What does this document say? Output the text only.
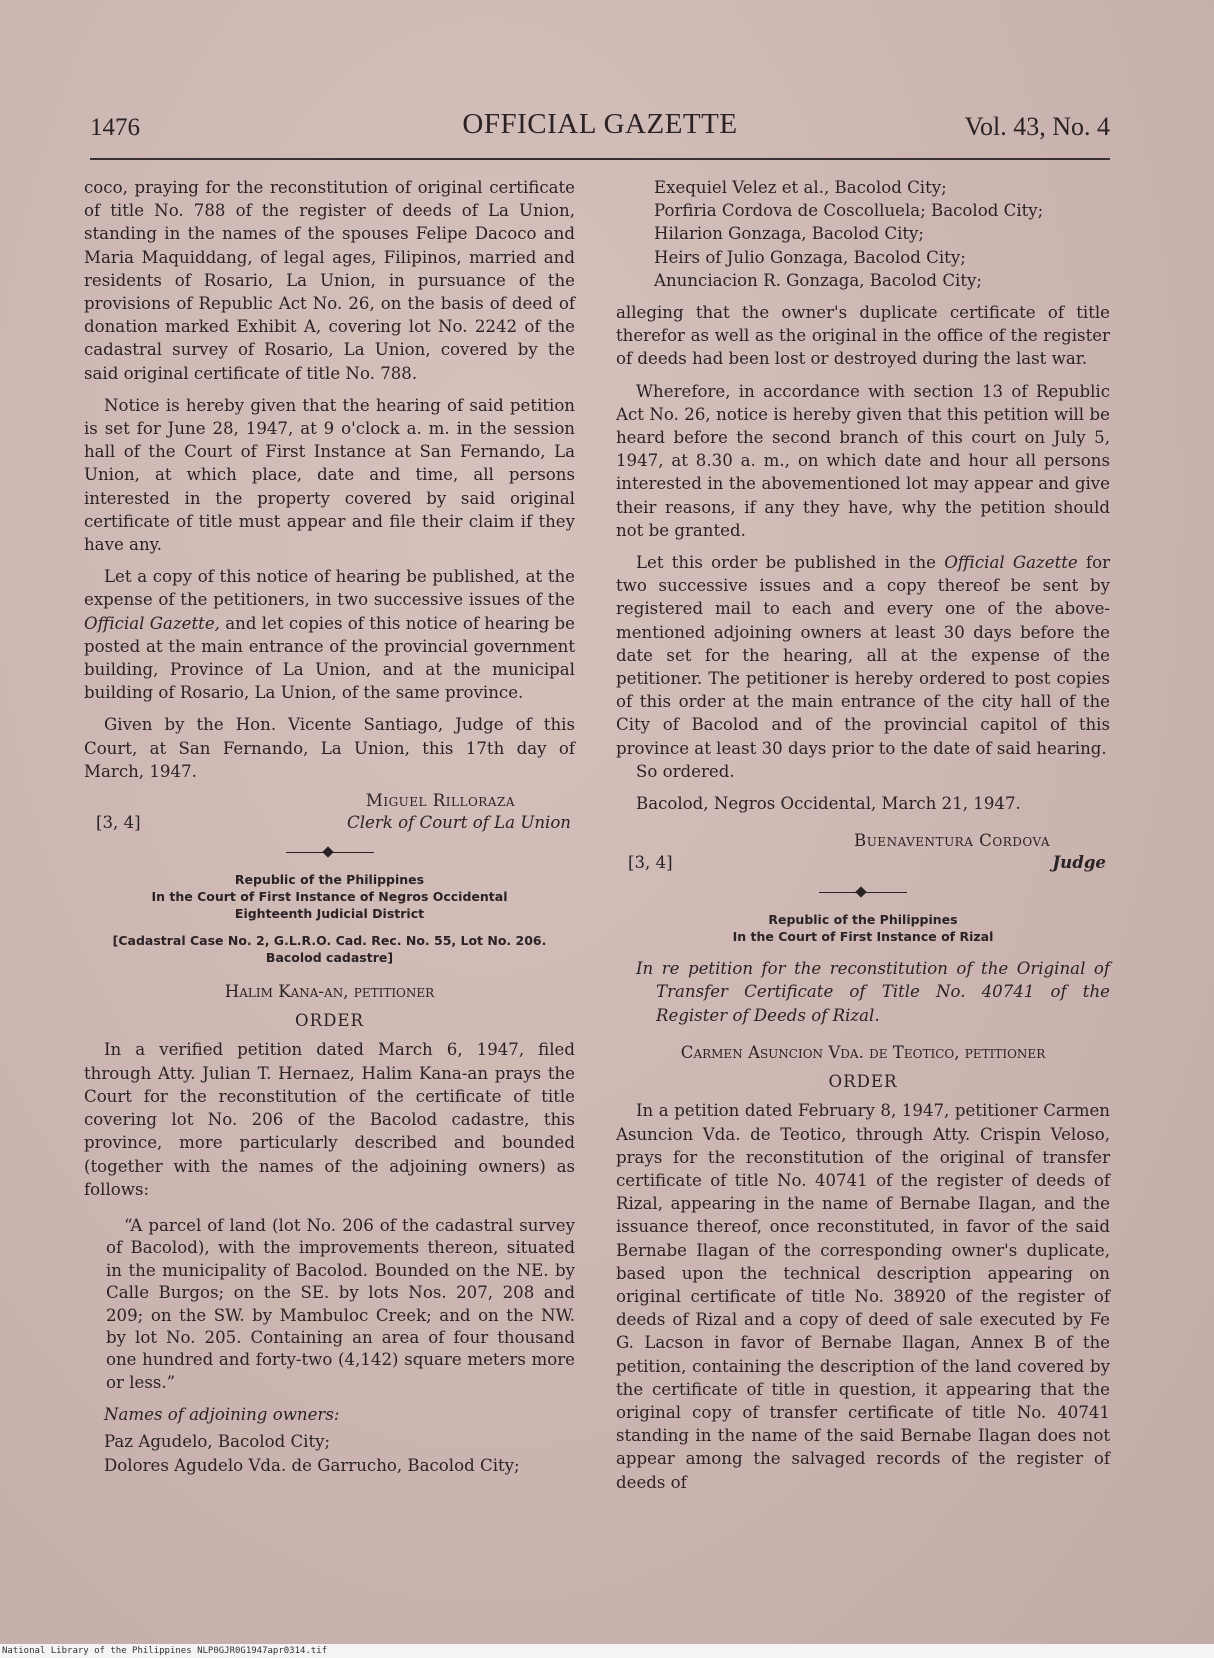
OFFICIAL GAZETTE
1476	Vol. 43, No. 4

coco, praying for the reconstitution of original certificate of title No. 788 of the register of deeds of La Union, standing in the names of the spouses Felipe Dacoco and Maria Maquiddang, of legal ages, Filipinos, married and residents of Rosario, La Union, in pursuance of the provisions of Republic Act No. 26, on the basis of deed of donation marked Exhibit A, covering lot No. 2242 of the cadastral survey of Rosario, La Union, covered by the said original certificate of title No. 788.

Notice is hereby given that the hearing of said petition is set for June 28, 1947, at 9 o'clock a. m. in the session hall of the Court of First Instance at San Fernando, La Union, at which place, date and time, all persons interested in the property covered by said original certificate of title must appear and file their claim if they have any.

Let a copy of this notice of hearing be published, at the expense of the petitioners, in two successive issues of the Official Gazette, and let copies of this notice of hearing be posted at the main entrance of the provincial government building, Province of La Union, and at the municipal building of Rosario, La Union, of the same province.

Given by the Hon. Vicente Santiago, Judge of this Court, at San Fernando, La Union, this 17th day of March, 1947.

Miguel Rilloraza
[3, 4]	Clerk of Court of La Union
Republic of the Philippines
In the Court of First Instance of Negros Occidental
Eighteenth Judicial District
[Cadastral Case No. 2, G.L.R.O. Cad. Rec. No. 55, Lot No. 206. Bacolod cadastre]
Halim Kana-an, petitioner
ORDER

In a verified petition dated March 6, 1947, filed through Atty. Julian T. Hernaez, Halim Kana-an prays the Court for the reconstitution of the certificate of title covering lot No. 206 of the Bacolod cadastre, this province, more particularly described and bounded (together with the names of the adjoining owners) as follows:

“A parcel of land (lot No. 206 of the cadastral survey of Bacolod), with the improvements thereon, situated in the municipality of Bacolod. Bounded on the NE. by Calle Burgos; on the SE. by lots Nos. 207, 208 and 209; on the SW. by Mambuloc Creek; and on the NW. by lot No. 205. Containing an area of four thousand one hundred and forty-two (4,142) square meters more or less.”

Names of adjoining owners:

Paz Agudelo, Bacolod City;

Dolores Agudelo Vda. de Garrucho, Bacolod City;

Exequiel Velez et al., Bacolod City;
Porfiria Cordova de Coscolluela; Bacolod City;
Hilarion Gonzaga, Bacolod City;
Heirs of Julio Gonzaga, Bacolod City;
Anunciacion R. Gonzaga, Bacolod City;

alleging that the owner's duplicate certificate of title therefor as well as the original in the office of the register of deeds had been lost or destroyed during the last war.

Wherefore, in accordance with section 13 of Republic Act No. 26, notice is hereby given that this petition will be heard before the second branch of this court on July 5, 1947, at 8.30 a. m., on which date and hour all persons interested in the abovementioned lot may appear and give their reasons, if any they have, why the petition should not be granted.

Let this order be published in the Official Gazette for two successive issues and a copy thereof be sent by registered mail to each and every one of the above-mentioned adjoining owners at least 30 days before the date set for the hearing, all at the expense of the petitioner. The petitioner is hereby ordered to post copies of this order at the main entrance of the city hall of the City of Bacolod and of the provincial capitol of this province at least 30 days prior to the date of said hearing.

So ordered.

Bacolod, Negros Occidental, March 21, 1947.

Buenaventura Cordova
[3, 4]	Judge
Republic of the Philippines
In the Court of First Instance of Rizal

In re petition for the reconstitution of the Original of Transfer Certificate of Title No. 40741 of the Register of Deeds of Rizal.

Carmen Asuncion Vda. de Teotico, petitioner
ORDER

In a petition dated February 8, 1947, petitioner Carmen Asuncion Vda. de Teotico, through Atty. Crispin Veloso, prays for the reconstitution of the original of transfer certificate of title No. 40741 of the register of deeds of Rizal, appearing in the name of Bernabe Ilagan, and the issuance thereof, once reconstituted, in favor of the said Bernabe Ilagan of the corresponding owner's duplicate, based upon the technical description appearing on original certificate of title No. 38920 of the register of deeds of Rizal and a copy of deed of sale executed by Fe G. Lacson in favor of Bernabe Ilagan, Annex B of the petition, containing the description of the land covered by the certificate of title in question, it appearing that the original copy of transfer certificate of title No. 40741 standing in the name of the said Bernabe Ilagan does not appear among the salvaged records of the register of deeds of

National Library of the Philippines NLP0GJR0G1947apr0314.tif
